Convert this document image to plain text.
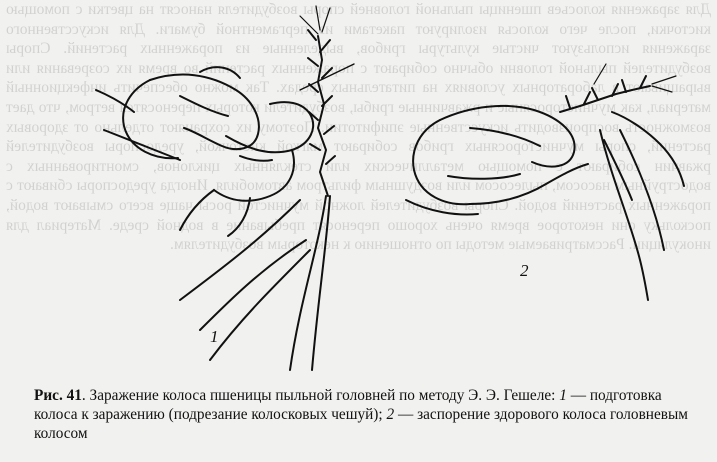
Для заражения колосьев пшеницы пыльной головней споры возбудителя наносят на цветки с помощью кисточки, после чего колосья изолируют пакетами из пергаментной бумаги. Для искусственного заражения используют чистые культуры грибов, выделенные из пораженных растений. Споры возбудителей пыльной головни обычно собирают с пораженных растений во время их созревания или выращивают в лабораторных условиях на питательных средах. Так можно обеспечить инфекционный материал, как мучнисторосяные и ржавчинные грибы, возбудители которых переносятся ветром, что дает возможность воспроизводить искусственные эпифитотии. Поэтому их сохраняют отдельно от здоровых растений, споры мучнисторосяных грибов собирают мягкой кисточкой, уредоспоры возбудителей ржавчин собирают с помощью металлических или стеклянных циклонов, смонтированных с водоструйным насосом, пылесосом или воздушным фильтром автомобиля. Иногда уредоспоры сбивают с пораженных растений водой. Споры возбудителей ложной мучнистой росы чаще всего смывают водой, поскольку они некоторое время очень хорошо переносят пребывание в водной среде. Материал для инокуляции. Рассматриваемые методы по отношению к некоторым возбудителям.

1
2
Рис. 41. Заражение колоса пшеницы пыльной головней по методу Э. Э. Гешеле: 1 — подготовка колоса к заражению (подрезание колосковых чешуй); 2 — заспорение здорового колоса головневым колосом
